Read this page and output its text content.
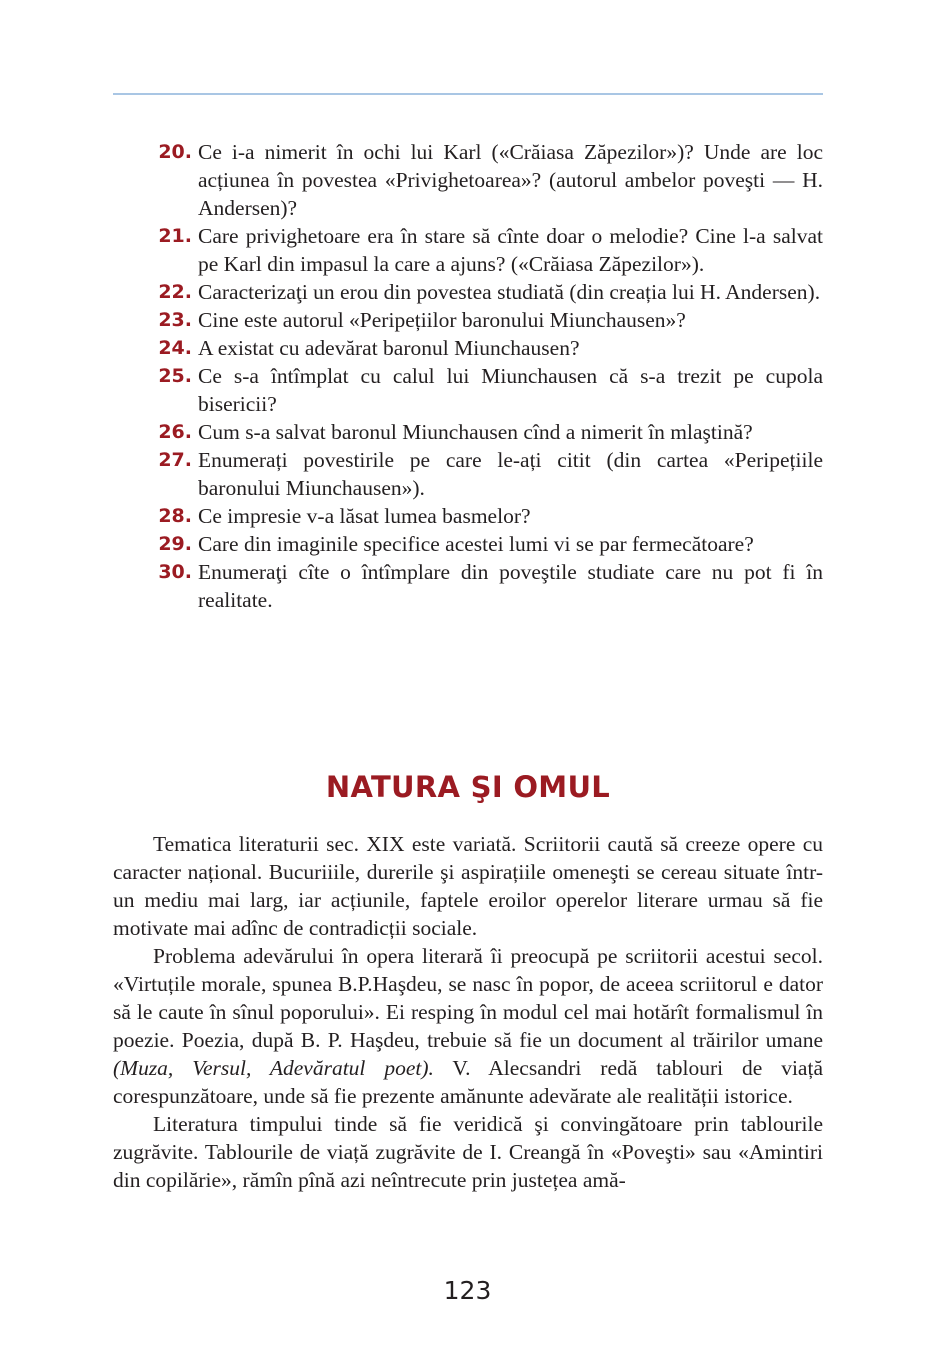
20. Ce i-a nimerit în ochi lui Karl («Crăiasa Zăpezilor»)? Unde are loc acțiunea în povestea «Privighetoarea»? (autorul ambelor poveşti — H. Andersen)?
21. Care privighetoare era în stare să cînte doar o melodie? Cine l-a salvat pe Karl din impasul la care a ajuns? («Crăiasa Zăpezilor»).
22. Caracterizaţi un erou din povestea studiată (din creația lui H. Andersen).
23. Cine este autorul «Peripețiilor baronului Miunchausen»?
24. A existat cu adevărat baronul Miunchausen?
25. Ce s-a întîmplat cu calul lui Miunchausen că s-a trezit pe cupola bisericii?
26. Cum s-a salvat baronul Miunchausen cînd a nimerit în mlaştină?
27. Enumerați povestirile pe care le-ați citit (din cartea «Peripețiile baronului Miunchausen»).
28. Ce impresie v-a lăsat lumea basmelor?
29. Care din imaginile specifice acestei lumi vi se par fermecătoare?
30. Enumeraţi cîte o întîmplare din poveştile studiate care nu pot fi în realitate.
NATURA ŞI OMUL

Tematica literaturii sec. XIX este variată. Scriitorii caută să creeze opere cu caracter național. Bucuriiile, durerile şi aspirațiile omeneşti se cereau situate într-un mediu mai larg, iar acțiunile, faptele eroilor operelor literare urmau să fie motivate mai adînc de contradicții sociale.

Problema adevărului în opera literară îi preocupă pe scriitorii acestui secol. «Virtuțile morale, spunea B.P.Haşdeu, se nasc în popor, de aceea scriitorul e dator să le caute în sînul poporului». Ei resping în modul cel mai hotărît formalismul în poezie. Poezia, după B. P. Haşdeu, trebuie să fie un document al trăirilor umane (Muza, Versul, Adevăratul poet). V. Alecsandri redă tablouri de viață corespunzătoare, unde să fie prezente amănunte adevărate ale realității istorice.

Literatura timpului tinde să fie veridică şi convingătoare prin tablourile zugrăvite. Tablourile de viață zugrăvite de I. Creangă în «Poveşti» sau «Amintiri din copilărie», rămîn pînă azi neîntrecute prin justețea amă-

123
